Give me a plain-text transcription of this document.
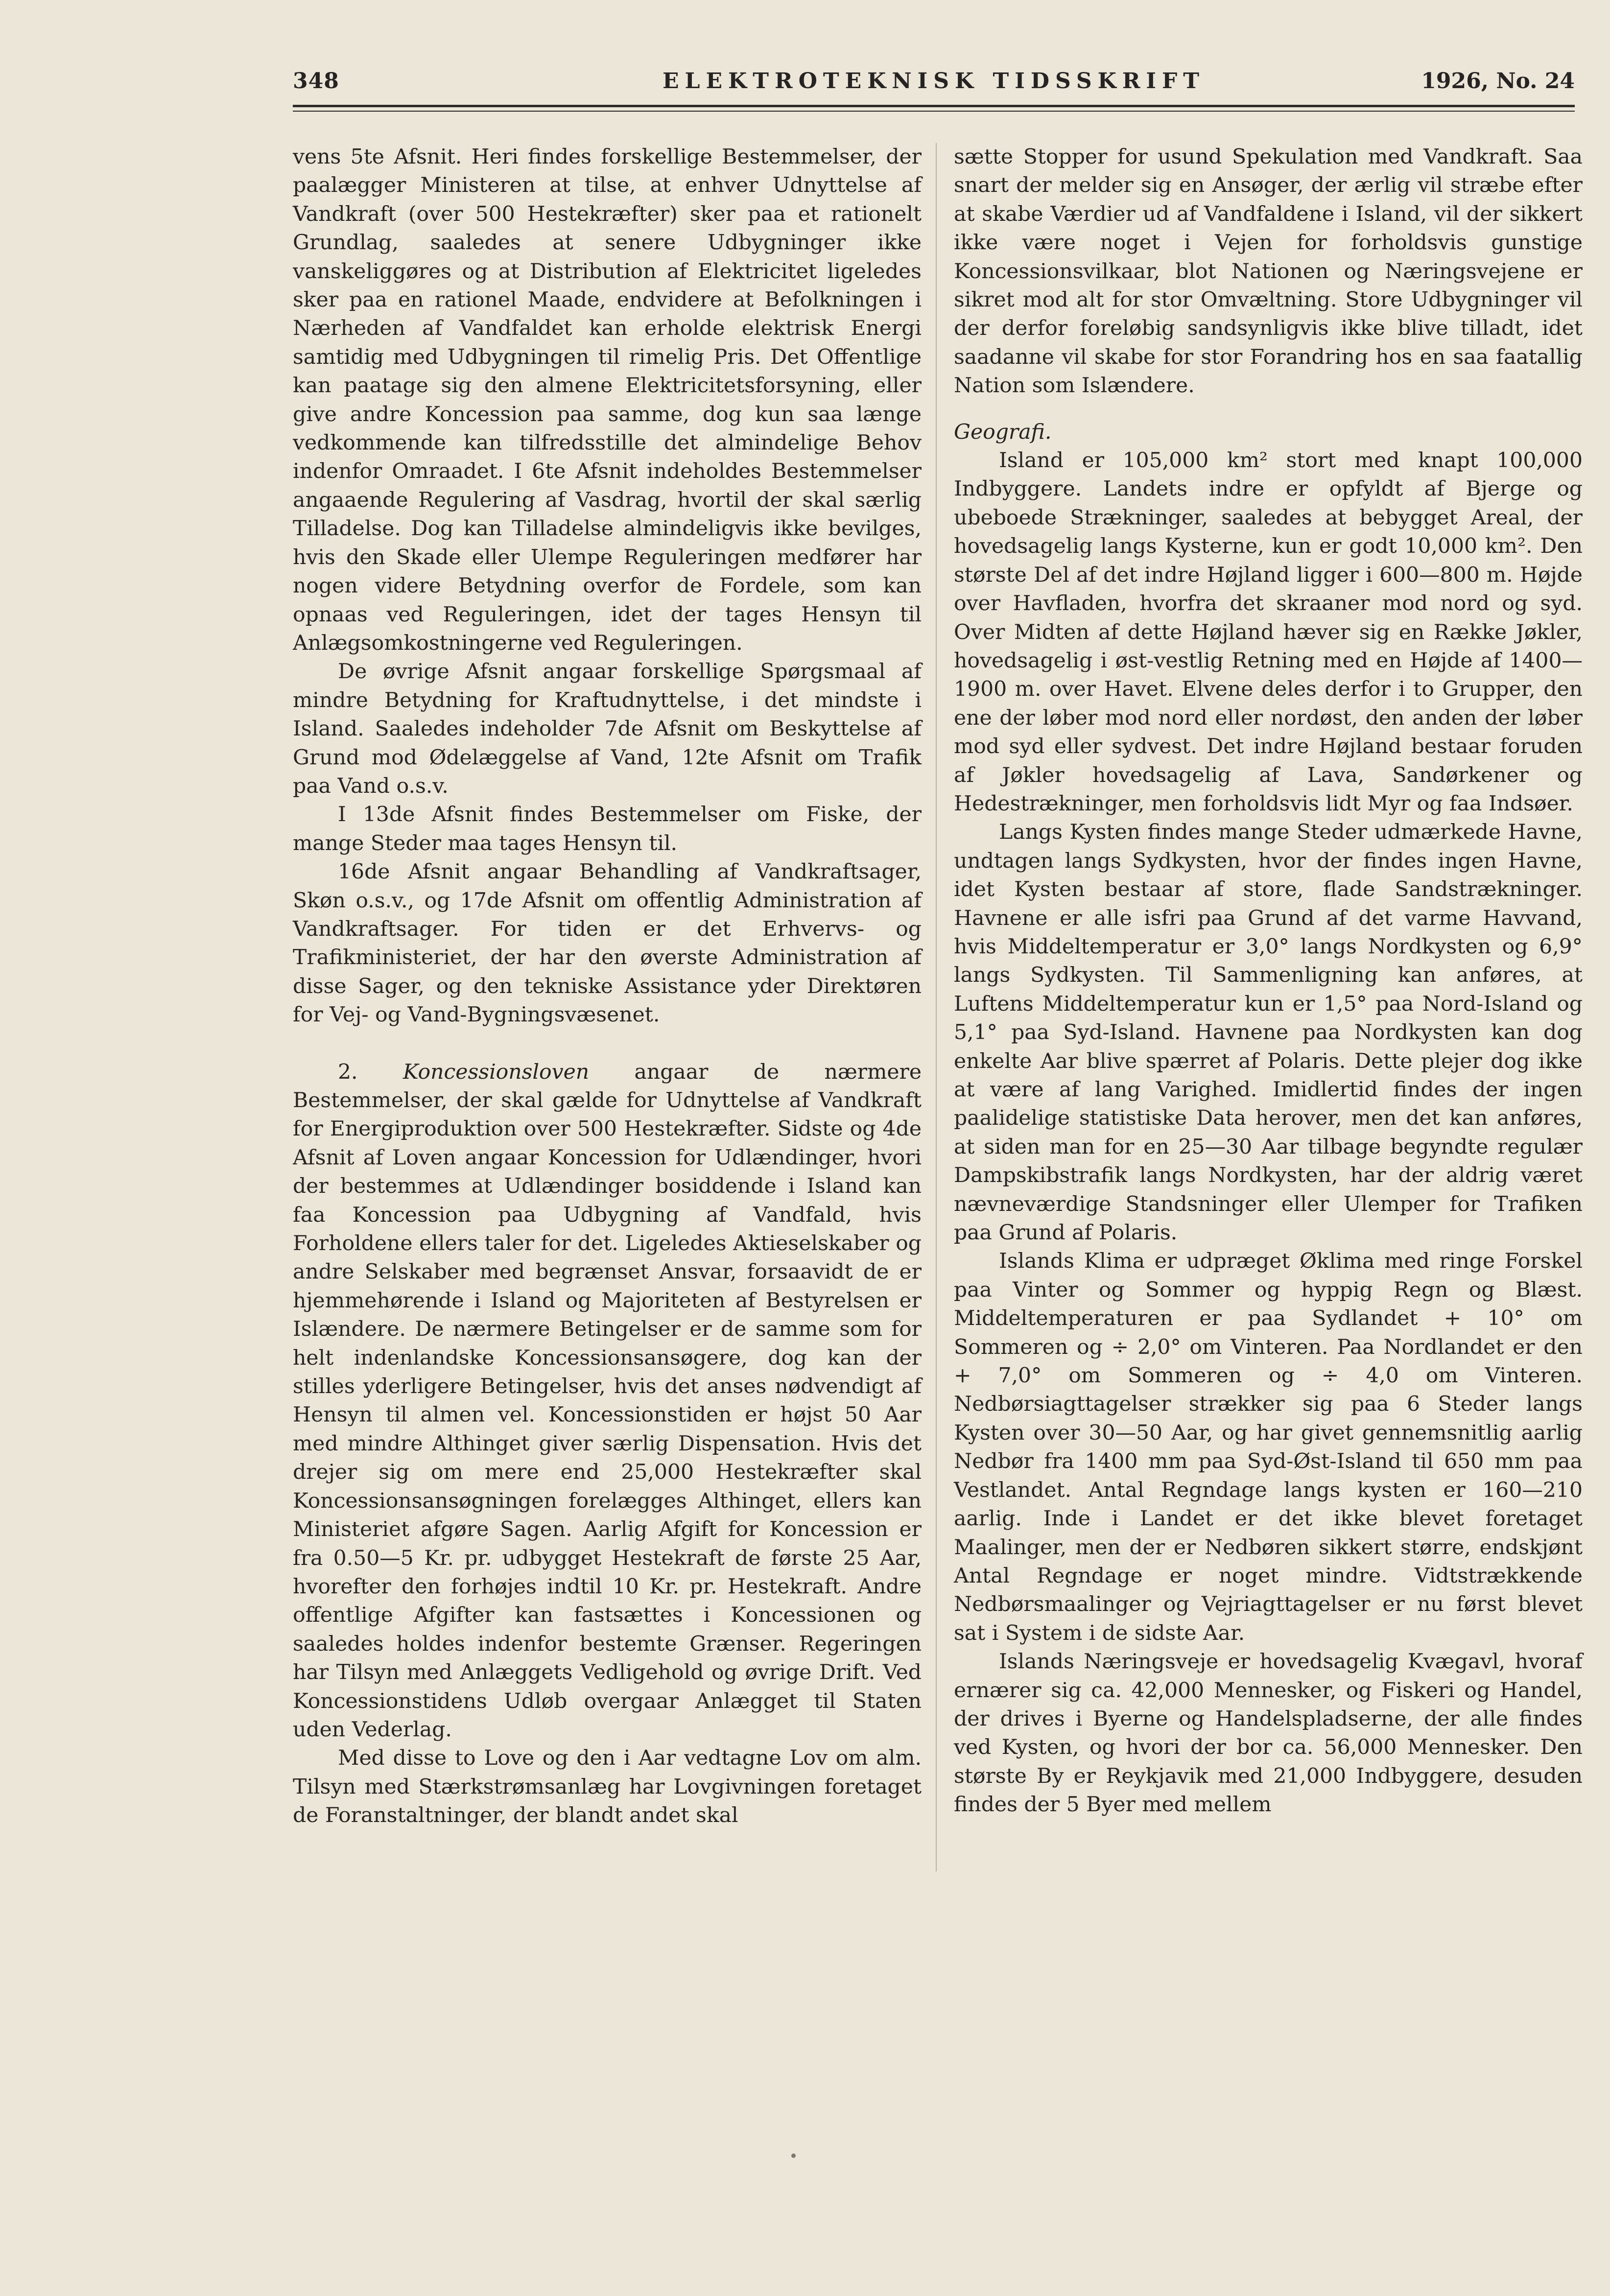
348	ELEKTROTEKNISK TIDSSKRIFT	1926, No. 24

vens 5te Afsnit. Heri findes forskellige Bestemmelser, der paalægger Ministeren at tilse, at enhver Udnyttelse af Vandkraft (over 500 Hestekræfter) sker paa et rationelt Grundlag, saaledes at senere Udbygninger ikke vanskeliggøres og at Distribution af Elektricitet ligeledes sker paa en rationel Maade, endvidere at Befolkningen i Nærheden af Vandfaldet kan erholde elektrisk Energi samtidig med Udbygningen til rimelig Pris. Det Offentlige kan paatage sig den almene Elektricitetsforsyning, eller give andre Koncession paa samme, dog kun saa længe vedkommende kan tilfredsstille det almindelige Behov indenfor Omraadet. I 6te Afsnit indeholdes Bestemmelser angaaende Regulering af Vasdrag, hvortil der skal særlig Tilladelse. Dog kan Tilladelse almindeligvis ikke bevilges, hvis den Skade eller Ulempe Reguleringen medfører har nogen videre Betydning overfor de Fordele, som kan opnaas ved Reguleringen, idet der tages Hensyn til Anlægsomkostningerne ved Reguleringen.

De øvrige Afsnit angaar forskellige Spørgsmaal af mindre Betydning for Kraftudnyttelse, i det mindste i Island. Saaledes indeholder 7de Afsnit om Beskyttelse af Grund mod Ødelæggelse af Vand, 12te Afsnit om Trafik paa Vand o.s.v.

I 13de Afsnit findes Bestemmelser om Fiske, der mange Steder maa tages Hensyn til.

16de Afsnit angaar Behandling af Vandkraftsager, Skøn o.s.v., og 17de Afsnit om offentlig Administration af Vandkraftsager. For tiden er det Erhvervs- og Trafikministeriet, der har den øverste Administration af disse Sager, og den tekniske Assistance yder Direktøren for Vej- og Vand-Bygningsvæsenet.

2. Koncessionsloven angaar de nærmere Bestemmelser, der skal gælde for Udnyttelse af Vandkraft for Energiproduktion over 500 Hestekræfter. Sidste og 4de Afsnit af Loven angaar Koncession for Udlændinger, hvori der bestemmes at Udlændinger bosiddende i Island kan faa Koncession paa Udbygning af Vandfald, hvis Forholdene ellers taler for det. Ligeledes Aktieselskaber og andre Selskaber med begrænset Ansvar, forsaavidt de er hjemmehørende i Island og Majoriteten af Bestyrelsen er Islændere. De nærmere Betingelser er de samme som for helt indenlandske Koncessionsansøgere, dog kan der stilles yderligere Betingelser, hvis det anses nødvendigt af Hensyn til almen vel. Koncessionstiden er højst 50 Aar med mindre Althinget giver særlig Dispensation. Hvis det drejer sig om mere end 25,000 Hestekræfter skal Koncessionsansøgningen forelægges Althinget, ellers kan Ministeriet afgøre Sagen. Aarlig Afgift for Koncession er fra 0.50—5 Kr. pr. udbygget Hestekraft de første 25 Aar, hvorefter den forhøjes indtil 10 Kr. pr. Hestekraft. Andre offentlige Afgifter kan fastsættes i Koncessionen og saaledes holdes indenfor bestemte Grænser. Regeringen har Tilsyn med Anlæggets Vedligehold og øvrige Drift. Ved Koncessionstidens Udløb overgaar Anlægget til Staten uden Vederlag.

Med disse to Love og den i Aar vedtagne Lov om alm. Tilsyn med Stærkstrømsanlæg har Lovgivningen foretaget de Foranstaltninger, der blandt andet skal

sætte Stopper for usund Spekulation med Vandkraft. Saa snart der melder sig en Ansøger, der ærlig vil stræbe efter at skabe Værdier ud af Vandfaldene i Island, vil der sikkert ikke være noget i Vejen for forholdsvis gunstige Koncessionsvilkaar, blot Nationen og Næringsvejene er sikret mod alt for stor Omvæltning. Store Udbygninger vil der derfor foreløbig sandsynligvis ikke blive tilladt, idet saadanne vil skabe for stor Forandring hos en saa faatallig Nation som Islændere.

Geografi.

Island er 105,000 km² stort med knapt 100,000 Indbyggere. Landets indre er opfyldt af Bjerge og ubeboede Strækninger, saaledes at bebygget Areal, der hovedsagelig langs Kysterne, kun er godt 10,000 km². Den største Del af det indre Højland ligger i 600—800 m. Højde over Havfladen, hvorfra det skraaner mod nord og syd. Over Midten af dette Højland hæver sig en Række Jøkler, hovedsagelig i øst-vestlig Retning med en Højde af 1400—1900 m. over Havet. Elvene deles derfor i to Grupper, den ene der løber mod nord eller nordøst, den anden der løber mod syd eller sydvest. Det indre Højland bestaar foruden af Jøkler hovedsagelig af Lava, Sandørkener og Hedestrækninger, men forholdsvis lidt Myr og faa Indsøer.

Langs Kysten findes mange Steder udmærkede Havne, undtagen langs Sydkysten, hvor der findes ingen Havne, idet Kysten bestaar af store, flade Sandstrækninger. Havnene er alle isfri paa Grund af det varme Havvand, hvis Middeltemperatur er 3,0° langs Nordkysten og 6,9° langs Sydkysten. Til Sammenligning kan anføres, at Luftens Middeltemperatur kun er 1,5° paa Nord-Island og 5,1° paa Syd-Island. Havnene paa Nordkysten kan dog enkelte Aar blive spærret af Polaris. Dette plejer dog ikke at være af lang Varighed. Imidlertid findes der ingen paalidelige statistiske Data herover, men det kan anføres, at siden man for en 25—30 Aar tilbage begyndte regulær Dampskibstrafik langs Nordkysten, har der aldrig været nævneværdige Standsninger eller Ulemper for Trafiken paa Grund af Polaris.

Islands Klima er udpræget Øklima med ringe Forskel paa Vinter og Sommer og hyppig Regn og Blæst. Middeltemperaturen er paa Sydlandet + 10° om Sommeren og ÷ 2,0° om Vinteren. Paa Nordlandet er den + 7,0° om Sommeren og ÷ 4,0 om Vinteren. Nedbørsiagttagelser strækker sig paa 6 Steder langs Kysten over 30—50 Aar, og har givet gennemsnitlig aarlig Nedbør fra 1400 mm paa Syd-Øst-Island til 650 mm paa Vestlandet. Antal Regndage langs kysten er 160—210 aarlig. Inde i Landet er det ikke blevet foretaget Maalinger, men der er Nedbøren sikkert større, endskjønt Antal Regndage er noget mindre. Vidtstrækkende Nedbørsmaalinger og Vejriagttagelser er nu først blevet sat i System i de sidste Aar.

Islands Næringsveje er hovedsagelig Kvægavl, hvoraf ernærer sig ca. 42,000 Mennesker, og Fiskeri og Handel, der drives i Byerne og Handelspladserne, der alle findes ved Kysten, og hvori der bor ca. 56,000 Mennesker. Den største By er Reykjavik med 21,000 Indbyggere, desuden findes der 5 Byer med mellem
